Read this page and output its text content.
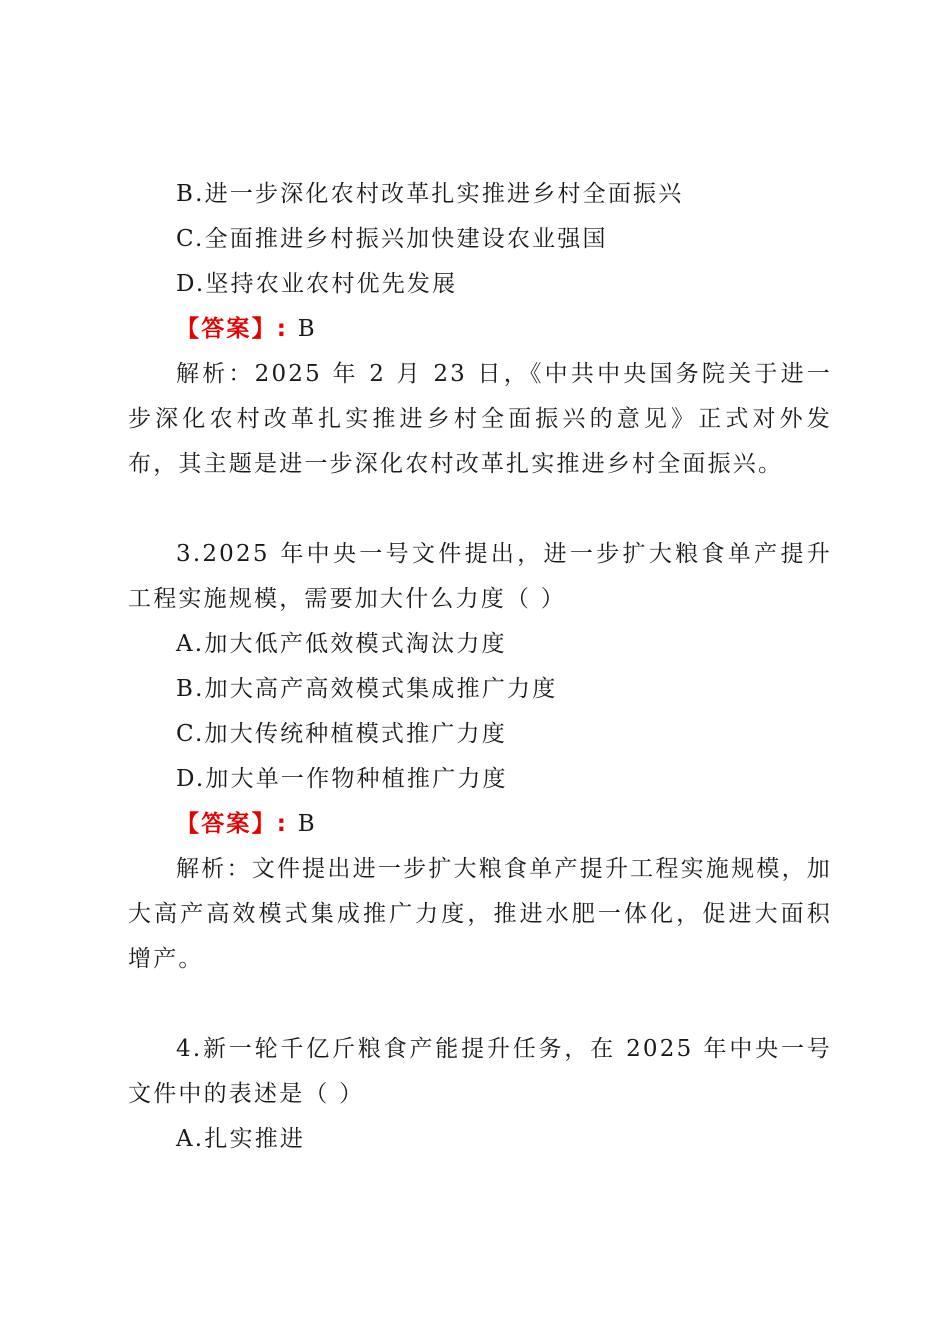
B.进一步深化农村改革扎实推进乡村全面振兴

C.全面推进乡村振兴加快建设农业强国

D.坚持农业农村优先发展

【答案】: B

解析：2025 年 2 月 23 日，《中共中央国务院关于进一步深化农村改革扎实推进乡村全面振兴的意见》正式对外发布，其主题是进一步深化农村改革扎实推进乡村全面振兴。

3.2025 年中央一号文件提出，进一步扩大粮食单产提升工程实施规模，需要加大什么力度（ ）

A.加大低产低效模式淘汰力度

B.加大高产高效模式集成推广力度

C.加大传统种植模式推广力度

D.加大单一作物种植推广力度

【答案】: B

解析：文件提出进一步扩大粮食单产提升工程实施规模，加大高产高效模式集成推广力度，推进水肥一体化，促进大面积增产。

4.新一轮千亿斤粮食产能提升任务，在 2025 年中央一号文件中的表述是（ ）

A.扎实推进
